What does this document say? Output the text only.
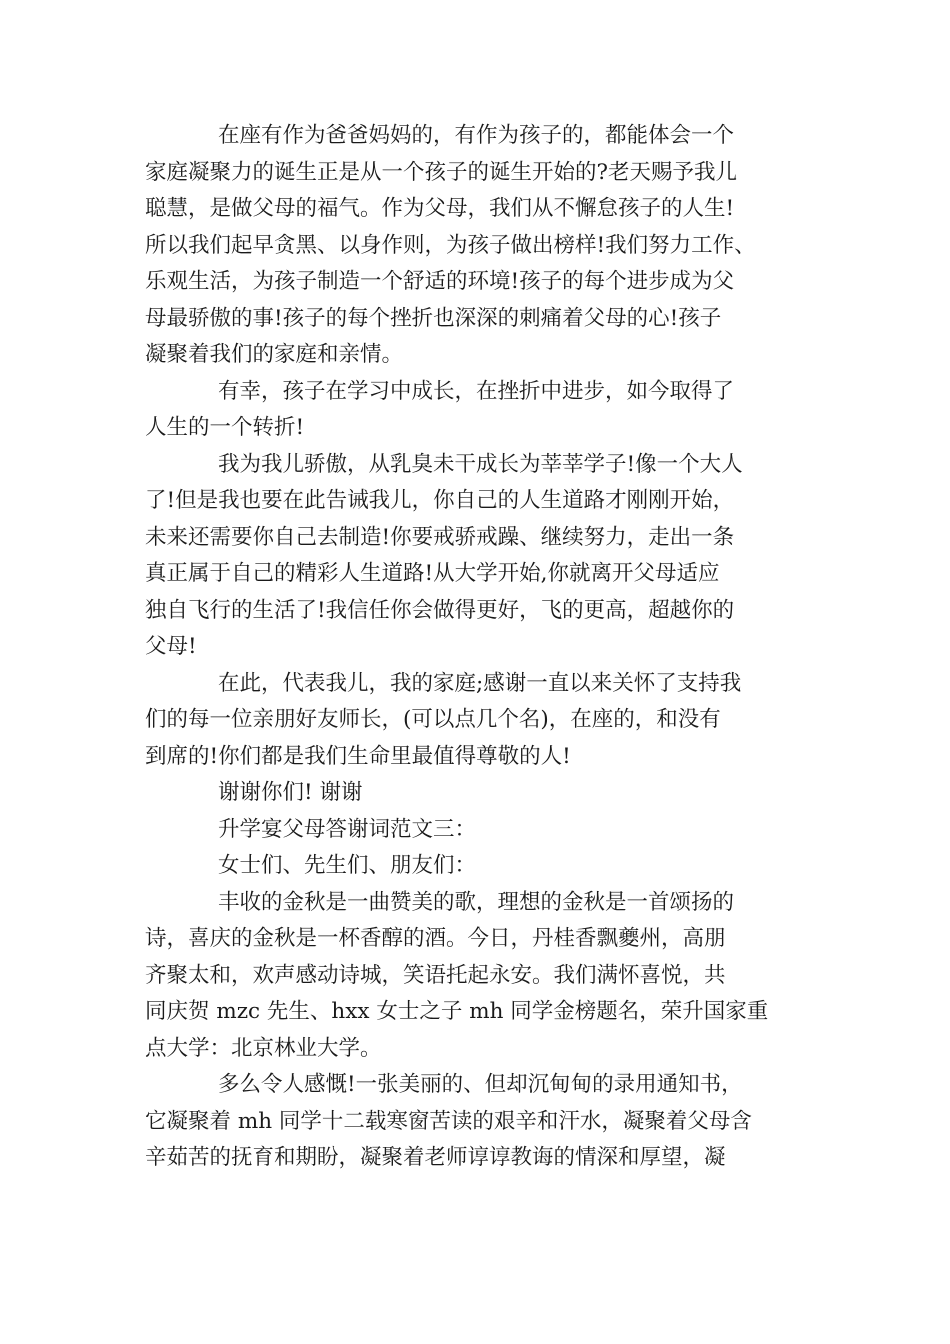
在座有作为爸爸妈妈的，有作为孩子的，都能体会一个
家庭凝聚力的诞生正是从一个孩子的诞生开始的?老天赐予我儿
聪慧，是做父母的福气。作为父母，我们从不懈怠孩子的人生!
所以我们起早贪黑、以身作则，为孩子做出榜样!我们努力工作、
乐观生活，为孩子制造一个舒适的环境!孩子的每个进步成为父
母最骄傲的事!孩子的每个挫折也深深的刺痛着父母的心!孩子
凝聚着我们的家庭和亲情。
有幸，孩子在学习中成长，在挫折中进步，如今取得了
人生的一个转折!
我为我儿骄傲，从乳臭未干成长为莘莘学子!像一个大人
了!但是我也要在此告诫我儿，你自己的人生道路才刚刚开始，
未来还需要你自己去制造!你要戒骄戒躁、继续努力，走出一条
真正属于自己的精彩人生道路!从大学开始,你就离开父母适应
独自飞行的生活了!我信任你会做得更好，飞的更高，超越你的
父母!
在此，代表我儿，我的家庭;感谢一直以来关怀了支持我
们的每一位亲朋好友师长，(可以点几个名)，在座的，和没有
到席的!你们都是我们生命里最值得尊敬的人!
谢谢你们! 谢谢
升学宴父母答谢词范文三：
女士们、先生们、朋友们：
丰收的金秋是一曲赞美的歌，理想的金秋是一首颂扬的
诗，喜庆的金秋是一杯香醇的酒。今日，丹桂香飘夔州，高朋
齐聚太和，欢声感动诗城，笑语托起永安。我们满怀喜悦，共
同庆贺 mzc 先生、hxx 女士之子 mh 同学金榜题名，荣升国家重
点大学：北京林业大学。
多么令人感慨!一张美丽的、但却沉甸甸的录用通知书，
它凝聚着 mh 同学十二载寒窗苦读的艰辛和汗水，凝聚着父母含
辛茹苦的抚育和期盼，凝聚着老师谆谆教诲的情深和厚望，凝
